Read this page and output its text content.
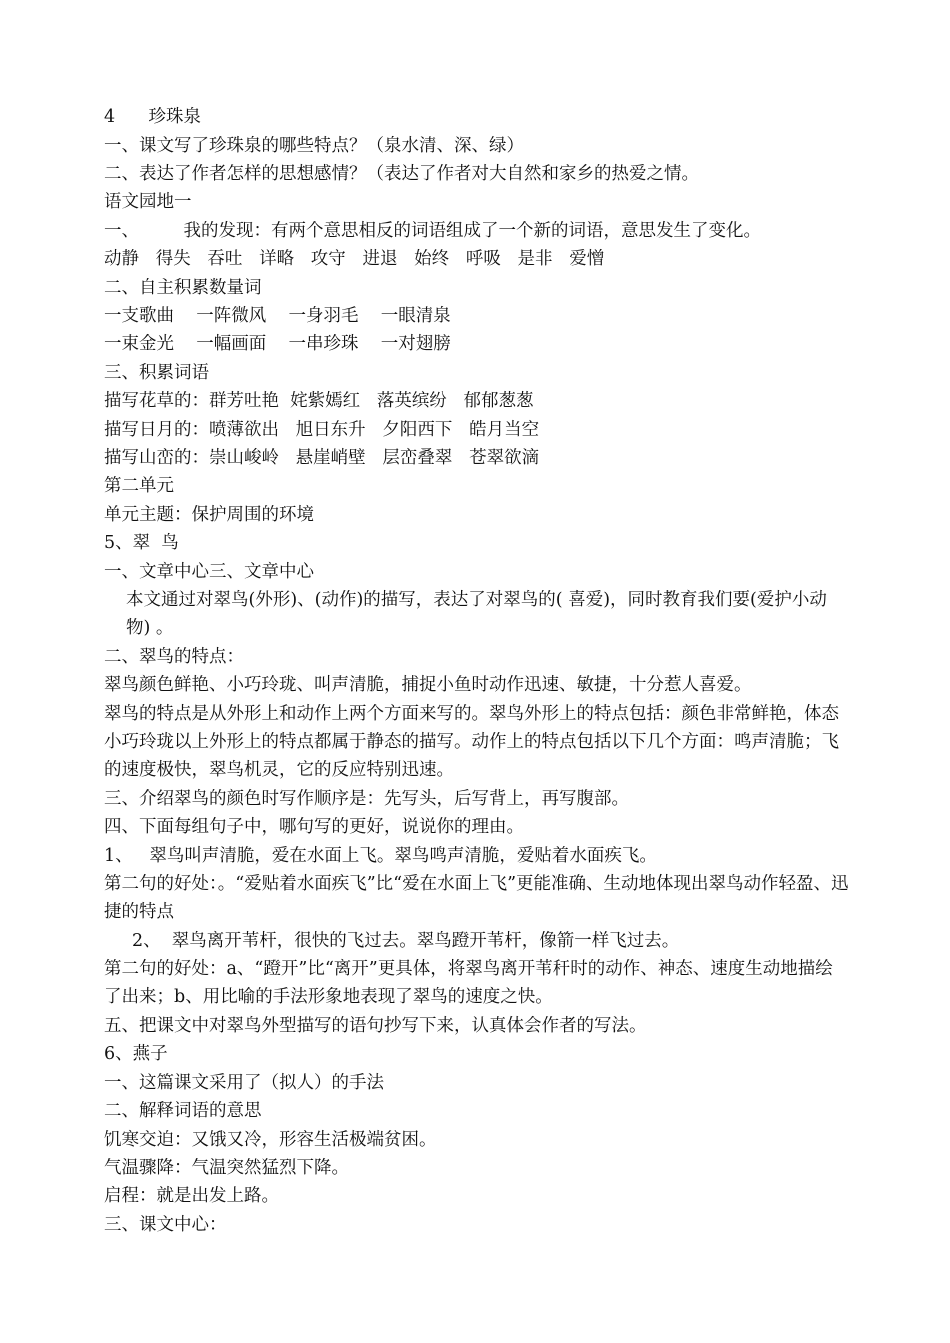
4      珍珠泉
一、课文写了珍珠泉的哪些特点？（泉水清、深、绿）
二、表达了作者怎样的思想感情？（表达了作者对大自然和家乡的热爱之情。
语文园地一
一、        我的发现：有两个意思相反的词语组成了一个新的词语，意思发生了变化。
动静   得失   吞吐   详略   攻守   进退   始终   呼吸   是非   爱憎
二、自主积累数量词
一支歌曲    一阵微风    一身羽毛    一眼清泉
一束金光    一幅画面    一串珍珠    一对翅膀
三、积累词语
描写花草的：群芳吐艳  姹紫嫣红   落英缤纷   郁郁葱葱
描写日月的：喷薄欲出   旭日东升   夕阳西下   皓月当空
描写山峦的：崇山峻岭   悬崖峭壁   层峦叠翠   苍翠欲滴
第二单元
单元主题：保护周围的环境
5、翠  鸟
一、文章中心三、文章中心
本文通过对翠鸟(外形)、(动作)的描写，表达了对翠鸟的( 喜爱)，同时教育我们要(爱护小动物) 。
二、翠鸟的特点：
翠鸟颜色鲜艳、小巧玲珑、叫声清脆，捕捉小鱼时动作迅速、敏捷，十分惹人喜爱。
翠鸟的特点是从外形上和动作上两个方面来写的。翠鸟外形上的特点包括：颜色非常鲜艳，体态小巧玲珑以上外形上的特点都属于静态的描写。动作上的特点包括以下几个方面：鸣声清脆；飞的速度极快，翠鸟机灵，它的反应特别迅速。
三、介绍翠鸟的颜色时写作顺序是：先写头，后写背上，再写腹部。
四、下面每组句子中，哪句写的更好，说说你的理由。
1、   翠鸟叫声清脆，爱在水面上飞。翠鸟鸣声清脆，爱贴着水面疾飞。
第二句的好处：。“爱贴着水面疾飞”比“爱在水面上飞”更能准确、生动地体现出翠鸟动作轻盈、迅捷的特点
2、  翠鸟离开苇杆，很快的飞过去。翠鸟蹬开苇杆，像箭一样飞过去。
第二句的好处：a、“蹬开”比“离开”更具体，将翠鸟离开苇秆时的动作、神态、速度生动地描绘了出来；b、用比喻的手法形象地表现了翠鸟的速度之快。
五、把课文中对翠鸟外型描写的语句抄写下来，认真体会作者的写法。
6、燕子
一、这篇课文采用了（拟人）的手法
二、解释词语的意思
饥寒交迫：又饿又冷，形容生活极端贫困。
气温骤降：气温突然猛烈下降。
启程：就是出发上路。
三、课文中心：
